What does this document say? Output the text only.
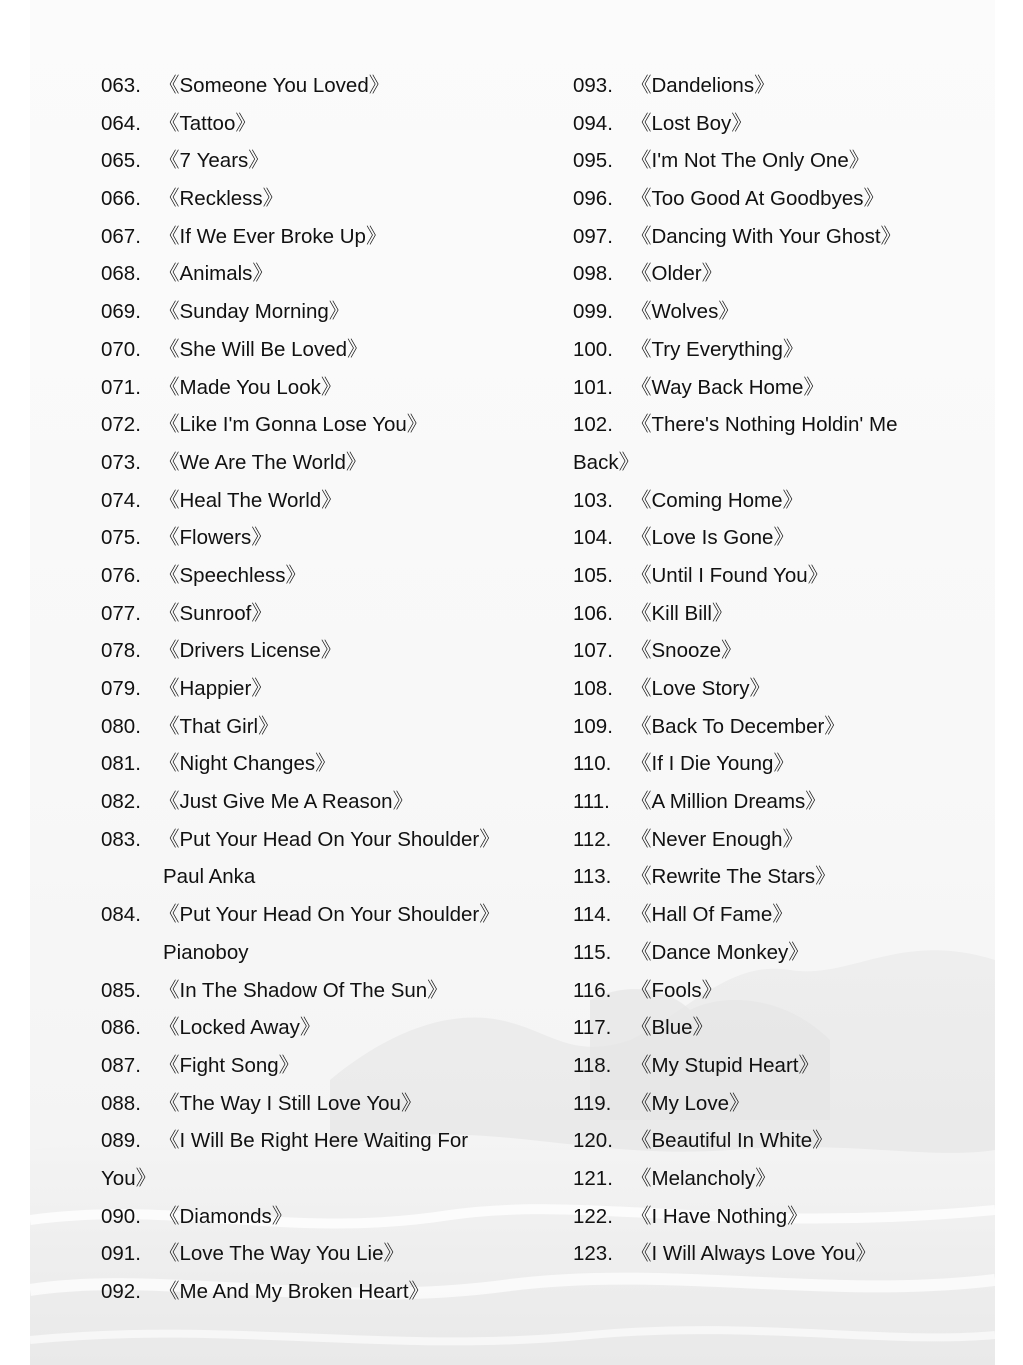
063. 《Someone You Loved》
064. 《Tattoo》
065. 《7 Years》
066. 《Reckless》
067. 《If We Ever Broke Up》
068. 《Animals》
069. 《Sunday Morning》
070. 《She Will Be Loved》
071. 《Made You Look》
072. 《Like I'm Gonna Lose You》
073. 《We Are The World》
074. 《Heal The World》
075. 《Flowers》
076. 《Speechless》
077. 《Sunroof》
078. 《Drivers License》
079. 《Happier》
080. 《That Girl》
081. 《Night Changes》
082. 《Just Give Me A Reason》
083. 《Put Your Head On Your Shoulder》
Paul Anka
084. 《Put Your Head On Your Shoulder》
Pianoboy
085. 《In The Shadow Of The Sun》
086. 《Locked Away》
087. 《Fight Song》
088. 《The Way I Still Love You》
089. 《I Will Be Right Here Waiting For
You》
090. 《Diamonds》
091. 《Love The Way You Lie》
092. 《Me And My Broken Heart》
093. 《Dandelions》
094. 《Lost Boy》
095. 《I'm Not The Only One》
096. 《Too Good At Goodbyes》
097. 《Dancing With Your Ghost》
098. 《Older》
099. 《Wolves》
100. 《Try Everything》
101. 《Way Back Home》
102. 《There's Nothing Holdin' Me
Back》
103. 《Coming Home》
104. 《Love Is Gone》
105. 《Until I Found You》
106. 《Kill Bill》
107. 《Snooze》
108. 《Love Story》
109. 《Back To December》
110. 《If I Die Young》
111. 《A Million Dreams》
112. 《Never Enough》
113. 《Rewrite The Stars》
114. 《Hall Of Fame》
115. 《Dance Monkey》
116. 《Fools》
117. 《Blue》
118. 《My Stupid Heart》
119. 《My Love》
120. 《Beautiful In White》
121. 《Melancholy》
122. 《I Have Nothing》
123. 《I Will Always Love You》
